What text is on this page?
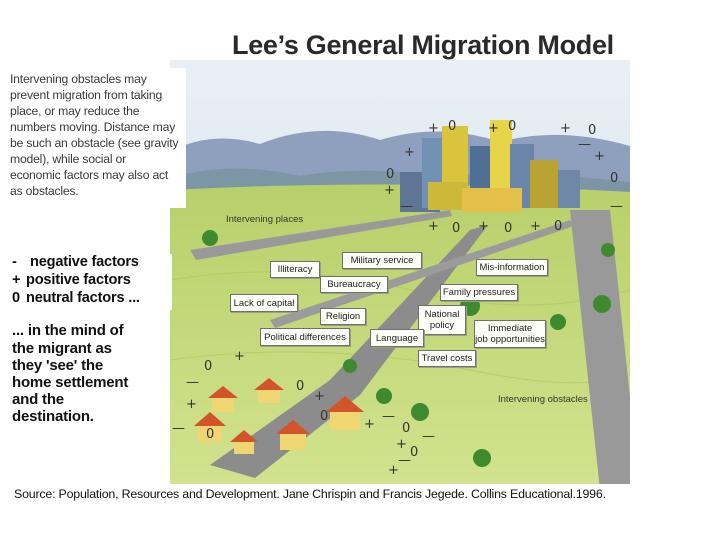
Lee’s General Migration Model
+ 0 + 0	+ 0
+
—
+
0	0
+
—
+ 0 + 0 + 0
—
0
—
+
+
+
0
+
—
0
+
0
+
—
0
—
0
—
Intervening places
Intervening obstacles
Illiteracy
Military service
Mis-information
Bureaucracy
Family pressures
Lack of capital
Religion	National
policy	Immediate
job opportunities
Political differences	Language
Travel costs
Intervening obstacles may
prevent migration from taking
place, or may reduce the
numbers moving. Distance may
be such an obstacle (see gravity
model), while social or
economic factors may also act
as obstacles.
- negative factors
+ positive factors
0 neutral factors ...
... in the mind of
the migrant as
they 'see' the
home settlement
and the
destination.
Source: Population, Resources and Development. Jane Chrispin and Francis Jegede. Collins Educational.1996.
